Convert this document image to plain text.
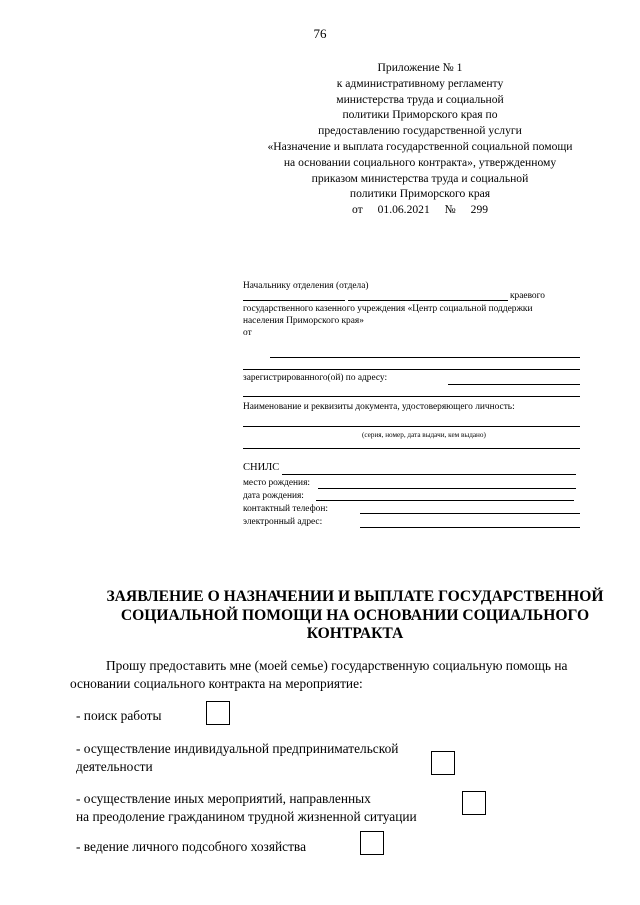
76
Приложение № 1
к административному регламенту
министерства труда и социальной
политики Приморского края по
предоставлению государственной услуги
«Назначение и выплата государственной социальной помощи
на основании социального контракта», утвержденному
приказом министерства труда и социальной
политики Приморского края
от 01.06.2021 № 299
Начальнику отделения (отдела)
краевого
государственного казенного учреждения «Центр социальной поддержки
населения Приморского края»
от
зарегистрированного(ой) по адресу:
Наименование и реквизиты документа, удостоверяющего личность:
(серия, номер, дата выдачи, кем выдано)
СНИЛС
место рождения:
дата рождения:
контактный телефон:
электронный адрес:
ЗАЯВЛЕНИЕ О НАЗНАЧЕНИИ И ВЫПЛАТЕ ГОСУДАРСТВЕННОЙ
СОЦИАЛЬНОЙ ПОМОЩИ НА ОСНОВАНИИ СОЦИАЛЬНОГО
КОНТРАКТА
Прошу предоставить мне (моей семье) государственную социальную помощь на
основании социального контракта на мероприятие:
- поиск работы
- осуществление индивидуальной предпринимательской
деятельности
- осуществление иных мероприятий, направленных
на преодоление гражданином трудной жизненной ситуации
- ведение личного подсобного хозяйства
